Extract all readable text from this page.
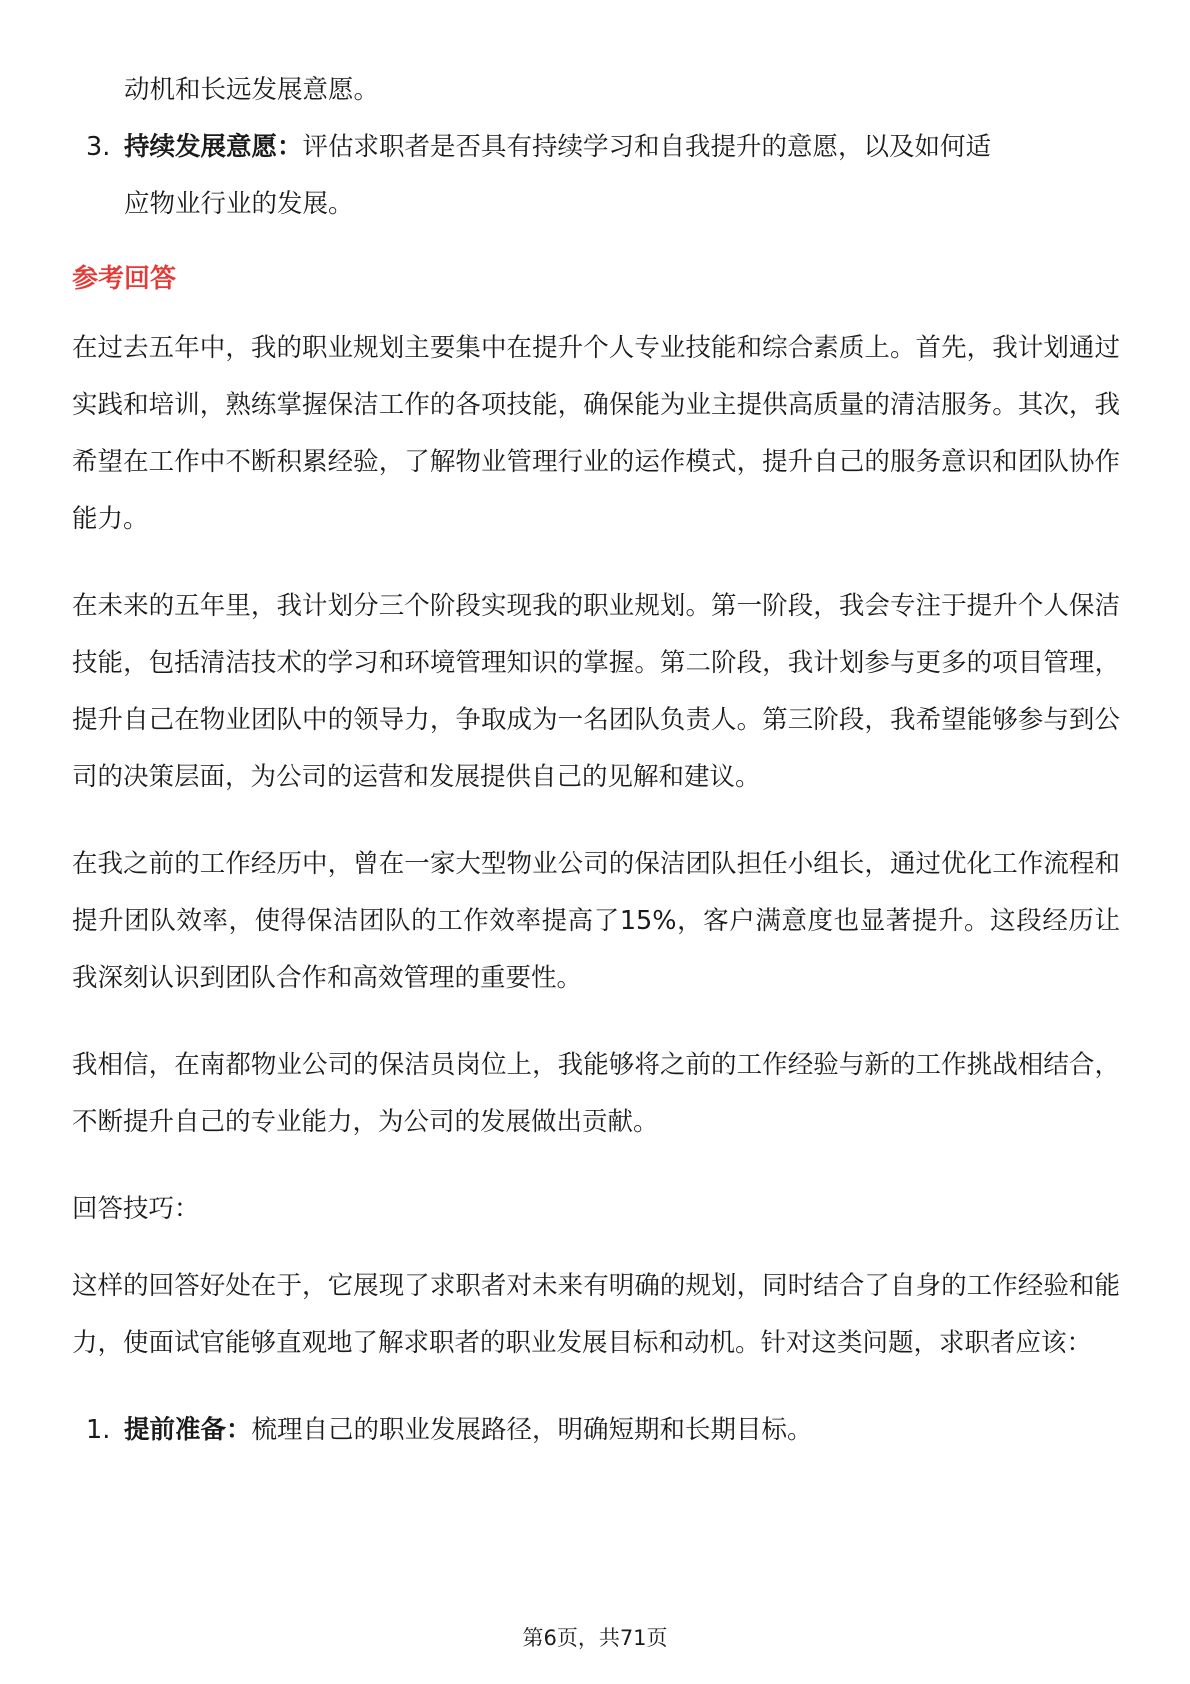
动机和长远发展意愿。
3. 持续发展意愿：评估求职者是否具有持续学习和自我提升的意愿，以及如何适
应物业行业的发展。
参考回答

在过去五年中，我的职业规划主要集中在提升个人专业技能和综合素质上。首先，我计划通过实践和培训，熟练掌握保洁工作的各项技能，确保能为业主提供高质量的清洁服务。其次，我希望在工作中不断积累经验，了解物业管理行业的运作模式，提升自己的服务意识和团队协作能力。

在未来的五年里，我计划分三个阶段实现我的职业规划。第一阶段，我会专注于提升个人保洁技能，包括清洁技术的学习和环境管理知识的掌握。第二阶段，我计划参与更多的项目管理，提升自己在物业团队中的领导力，争取成为一名团队负责人。第三阶段，我希望能够参与到公司的决策层面，为公司的运营和发展提供自己的见解和建议。

在我之前的工作经历中，曾在一家大型物业公司的保洁团队担任小组长，通过优化工作流程和提升团队效率，使得保洁团队的工作效率提高了15%，客户满意度也显著提升。这段经历让我深刻认识到团队合作和高效管理的重要性。

我相信，在南都物业公司的保洁员岗位上，我能够将之前的工作经验与新的工作挑战相结合，不断提升自己的专业能力，为公司的发展做出贡献。

回答技巧：

这样的回答好处在于，它展现了求职者对未来有明确的规划，同时结合了自身的工作经验和能力，使面试官能够直观地了解求职者的职业发展目标和动机。针对这类问题，求职者应该：

1. 提前准备：梳理自己的职业发展路径，明确短期和长期目标。
第6页，共71页
